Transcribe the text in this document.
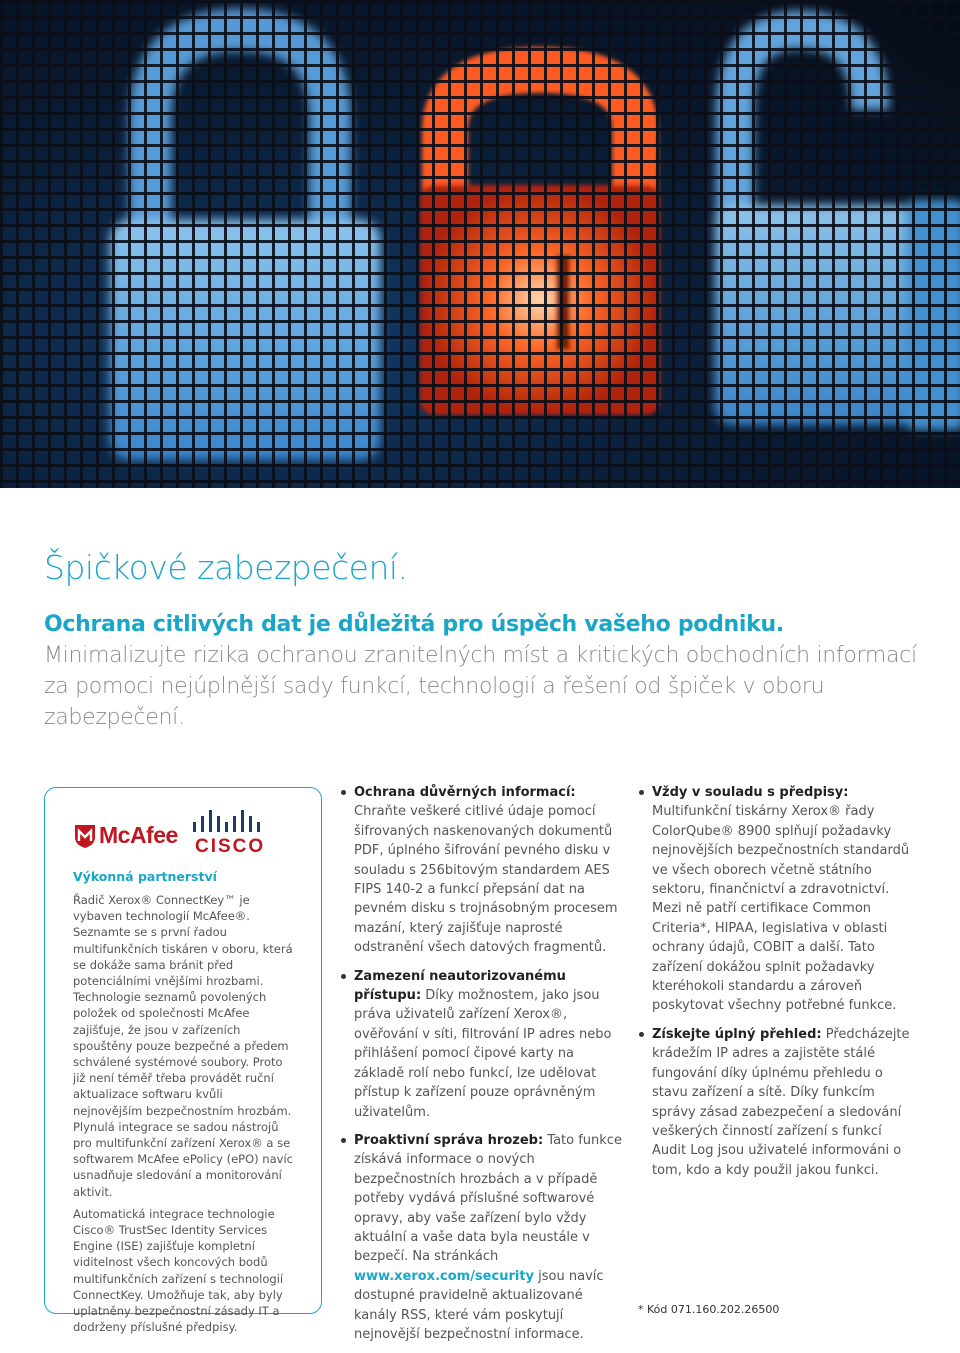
Špičkové zabezpečení.

Ochrana citlivých dat je důležitá pro úspěch vašeho podniku. Minimalizujte rizika ochranou zranitelných míst a kritických obchodních informací za pomoci nejúplnější sady funkcí, technologií a řešení od špiček v oboru zabezpečení.

McAfee CISCO
Výkonná partnerství

Řadič Xerox® ConnectKey™ je vybaven technologií McAfee®. Seznamte se s první řadou multifunkčních tiskáren v oboru, která se dokáže sama bránit před potenciálními vnějšími hrozbami. Technologie seznamů povolených položek od společnosti McAfee zajišťuje, že jsou v zařízeních spouštěny pouze bezpečné a předem schválené systémové soubory. Proto již není téměř třeba provádět ruční aktualizace softwaru kvůli nejnovějším bezpečnostním hrozbám. Plynulá integrace se sadou nástrojů pro multifunkční zařízení Xerox® a se softwarem McAfee ePolicy (ePO) navíc usnadňuje sledování a monitorování aktivit.

Automatická integrace technologie Cisco® TrustSec Identity Services Engine (ISE) zajišťuje kompletní viditelnost všech koncových bodů multifunkčních zařízení s technologií ConnectKey. Umožňuje tak, aby byly uplatněny bezpečnostní zásady IT a dodrženy příslušné předpisy.

Ochrana důvěrných informací: Chraňte veškeré citlivé údaje pomocí šifrovaných naskenovaných dokumentů PDF, úplného šifrování pevného disku v souladu s 256bitovým standardem AES FIPS 140-2 a funkcí přepsání dat na pevném disku s trojnásobným procesem mazání, který zajišťuje naprosté odstranění všech datových fragmentů.
Zamezení neautorizovanému přístupu: Díky možnostem, jako jsou práva uživatelů zařízení Xerox®, ověřování v síti, filtrování IP adres nebo přihlášení pomocí čipové karty na základě rolí nebo funkcí, lze udělovat přístup k zařízení pouze oprávněným uživatelům.
Proaktivní správa hrozeb: Tato funkce získává informace o nových bezpečnostních hrozbách a v případě potřeby vydává příslušné softwarové opravy, aby vaše zařízení bylo vždy aktuální a vaše data byla neustále v bezpečí. Na stránkách www.xerox.com/security jsou navíc dostupné pravidelně aktualizované kanály RSS, které vám poskytují nejnovější bezpečnostní informace.
Vždy v souladu s předpisy: Multifunkční tiskárny Xerox® řady ColorQube® 8900 splňují požadavky nejnovějších bezpečnostních standardů ve všech oborech včetně státního sektoru, finančnictví a zdravotnictví. Mezi ně patří certifikace Common Criteria*, HIPAA, legislativa v oblasti ochrany údajů, COBIT a další. Tato zařízení dokážou splnit požadavky kteréhokoli standardu a zároveň poskytovat všechny potřebné funkce.
Získejte úplný přehled: Předcházejte krádežím IP adres a zajistěte stálé fungování díky úplnému přehledu o stavu zařízení a sítě. Díky funkcím správy zásad zabezpečení a sledování veškerých činností zařízení s funkcí Audit Log jsou uživatelé informováni o tom, kdo a kdy použil jakou funkci.
* Kód 071.160.202.26500
